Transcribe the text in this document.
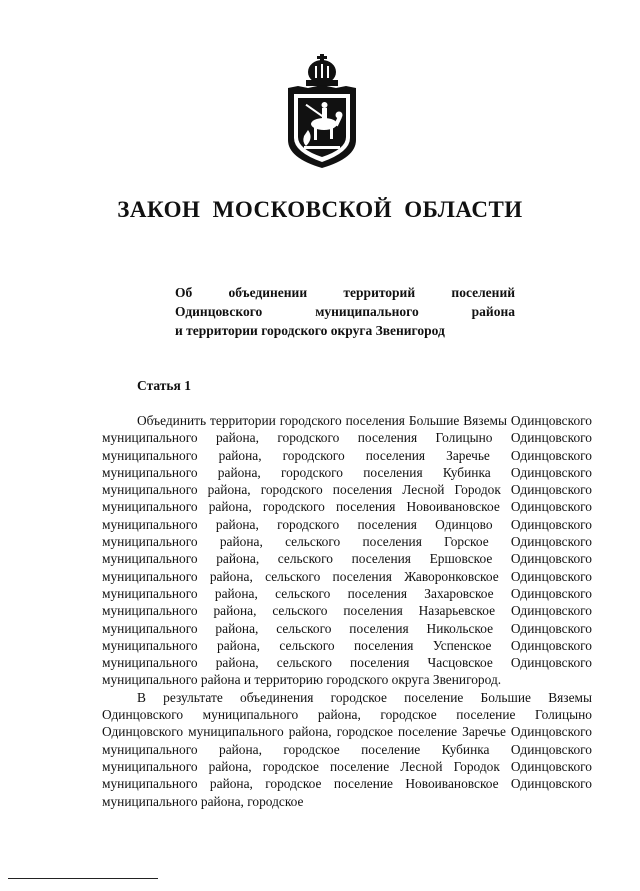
ЗАКОН МОСКОВСКОЙ ОБЛАСТИ
Об объединении территорий поселений
Одинцовского муниципального района
и территории городского округа Звенигород
Статья 1

Объединить территории городского поселения Большие Вяземы Одинцовского муниципального района, городского поселения Голицыно Одинцовского муниципального района, городского поселения Заречье Одинцовского муниципального района, городского поселения Кубинка Одинцовского муниципального района, городского поселения Лесной Городок Одинцовского муниципального района, городского поселения Новоивановское Одинцовского муниципального района, городского поселения Одинцово Одинцовского муниципального района, сельского поселения Горское Одинцовского муниципального района, сельского поселения Ершовское Одинцовского муниципального района, сельского поселения Жаворонковское Одинцовского муниципального района, сельского поселения Захаровское Одинцовского муниципального района, сельского поселения Назарьевское Одинцовского муниципального района, сельского поселения Никольское Одинцовского муниципального района, сельского поселения Успенское Одинцовского муниципального района, сельского поселения Часцовское Одинцовского муниципального района и территорию городского округа Звенигород.

В результате объединения городское поселение Большие Вяземы Одинцовского муниципального района, городское поселение Голицыно Одинцовского муниципального района, городское поселение Заречье Одинцовского муниципального района, городское поселение Кубинка Одинцовского муниципального района, городское поселение Лесной Городок Одинцовского муниципального района, городское поселение Новоивановское Одинцовского муниципального района, городское
